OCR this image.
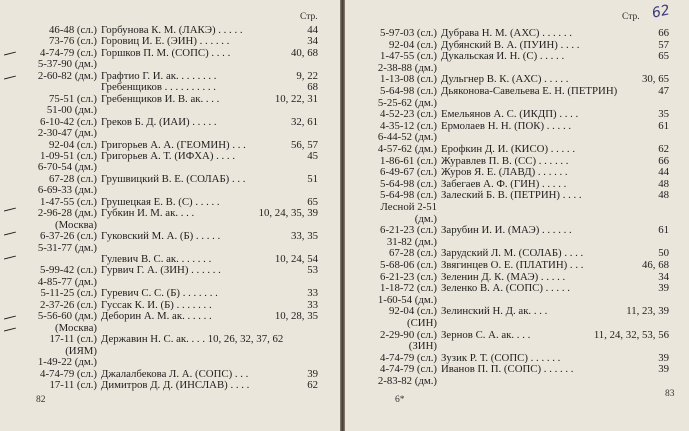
Стр.
46-48 (сл.) Горбунова К. М. (ЛАКЭ) . . . . .	44
73-76 (сл.) Горовиц И. Е. (ЭИН) . . . . . .	34
4-74-79 (сл.) Горшков П. М. (СОПС) . . . .	40, 68
5-37-90 (дм.)
2-60-82 (дм.) Графтио Г. И. ак. . . . . . . .	9, 22
Гребенщиков . . . . . . . . . .	68
75-51 (сл.) Гребенщиков И. В. ак. . . .	10, 22, 31
51-00 (дм.)
6-10-42 (сл.) Греков Б. Д. (ИАИ) . . . . .	32, 61
2-30-47 (дм.)
92-04 (сл.) Григорьев А. А. (ГЕОМИН) . . .	56, 57
1-09-51 (сл.) Григорьев А. Т. (ИФХА) . . . .	45
6-70-54 (дм.)
67-28 (сл.) Грушвицкий В. Е. (СОЛАБ) . . .	51
6-69-33 (дм.)
1-47-55 (сл.) Грушецкая Е. В. (С) . . . . .	65
2-96-28 (дм.) Губкин И. М. ак. . . .	10, 24, 35, 39
(Москва)
6-37-26 (сл.) Гуковский М. А. (Б) . . . . .	33, 35
5-31-77 (дм.)
Гулевич В. С. ак. . . . . . .	10, 24, 54
5-99-42 (сл.) Гурвич Г. А. (ЗИН) . . . . . .	53
4-85-77 (дм.)
5-11-25 (сл.) Гуревич С. С. (Б) . . . . . . .	33
2-37-26 (сл.) Гуссак К. И. (Б) . . . . . . .	33
5-56-60 (дм.) Деборин А. М. ак. . . . . .	10, 28, 35
(Москва)
17-11 (сл.) Державин Н. С. ак. . . . 10, 26, 32, 37, 62
(ИЯМ)
1-49-22 (дм.)
4-74-79 (сл.) Джалалбекова Л. А. (СОПС) . . .	39
17-11 (сл.) Димитров Д. Д. (ИНСЛАВ) . . . .	62
82
Стр. 62
5-97-03 (сл.) Дубрава Н. М. (АХС) . . . . . .	66
92-04 (сл.) Дубянский В. А. (ПУИН) . . . .	57
1-47-55 (сл.) Дукальская И. Н. (С) . . . . .	65
2-38-88 (дм.)
1-13-08 (сл.) Дульгнер В. К. (АХС) . . . . .	30, 65
5-64-98 (сл.) Дьяконова-Савельева Е. Н. (ПЕТРИН)	47
5-25-62 (дм.)
4-52-23 (сл.) Емельянов А. С. (ИКДП) . . . .	35
4-35-12 (сл.) Ермолаев Н. Н. (ПОК) . . . . .	61
6-44-52 (дм.)
4-57-62 (дм.) Ерофкин Д. И. (КИСО) . . . . .	62
1-86-61 (сл.) Журавлев П. В. (СС) . . . . . .	66
6-49-67 (сл.) Журов Я. Е. (ЛАВД) . . . . . .	44
5-64-98 (сл.) Забегаев А. Ф. (ГИН) . . . . .	48
5-64-98 (сл.) Залеский Б. В. (ПЕТРИН) . . . .	48
Лесной 2-51
(дм.)
6-21-23 (сл.) Зарубин И. И. (МАЭ) . . . . . .	61
31-82 (дм.)
67-28 (сл.) Зарудский Л. М. (СОЛАБ) . . . .	50
5-68-06 (сл.) Звягинцев О. Е. (ПЛАТИН) . . .	46, 68
6-21-23 (сл.) Зеленин Д. К. (МАЭ) . . . . .	34
1-18-72 (сл.) Зеленко В. А. (СОПС) . . . . .	39
1-60-54 (дм.)
92-04 (сл.) Зелинский Н. Д. ак. . . .	11, 23, 39
(СИН)
2-29-90 (сл.) Зернов С. А. ак. . . .	11, 24, 32, 53, 56
(ЗИН)
4-74-79 (сл.) Зузик Р. Т. (СОПС) . . . . . .	39
4-74-79 (сл.) Иванов П. П. (СОПС) . . . . . .	39
2-83-82 (дм.)
6*
83
